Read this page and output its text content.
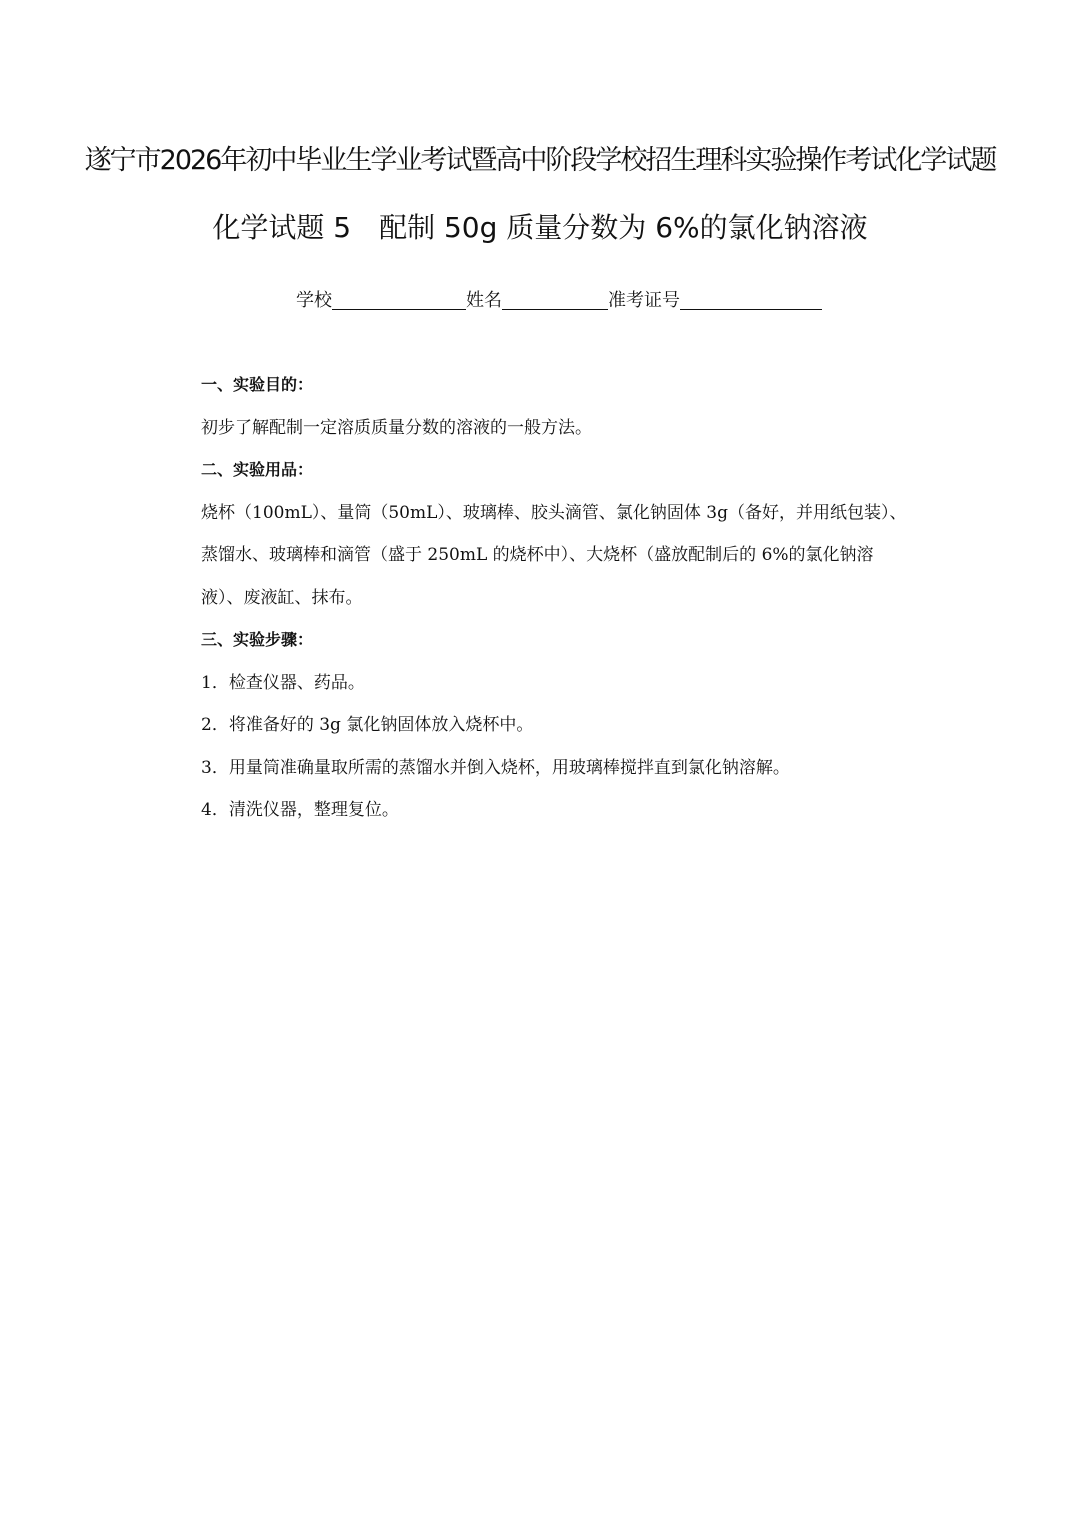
遂宁市2026年初中毕业生学业考试暨高中阶段学校招生理科实验操作考试化学试题
化学试题 5　配制 50g 质量分数为 6%的氯化钠溶液
学校	姓名	准考证号

一、实验目的：

初步了解配制一定溶质质量分数的溶液的一般方法。

二、实验用品：

烧杯（100mL）、量筒（50mL）、玻璃棒、胶头滴管、氯化钠固体 3g（备好，并用纸包装）、

蒸馏水、玻璃棒和滴管（盛于 250mL 的烧杯中）、大烧杯（盛放配制后的 6%的氯化钠溶

液）、废液缸、抹布。

三、实验步骤：

1．检查仪器、药品。

2．将准备好的 3g 氯化钠固体放入烧杯中。

3．用量筒准确量取所需的蒸馏水并倒入烧杯，用玻璃棒搅拌直到氯化钠溶解。

4．清洗仪器，整理复位。
